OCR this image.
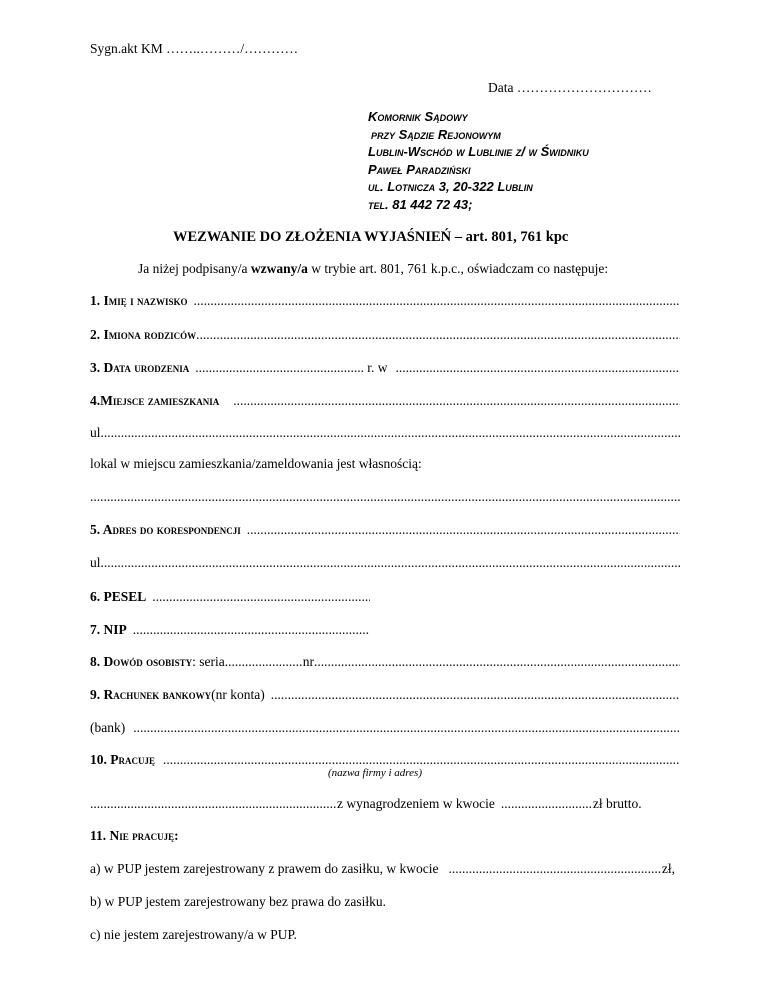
Sygn.akt KM ……..………/…………
Data …………………………
Komornik Sądowy
przy Sądzie Rejonowym
Lublin-Wschód w Lublinie z/ w Świdniku
Paweł Paradziński
ul. Lotnicza 3, 20-322 Lublin
tel. 81 442 72 43;
WEZWANIE DO ZŁOŻENIA WYJAŚNIEŃ – art. 801, 761 kpc
Ja niżej podpisany/a wzwany/a w trybie art. 801, 761 k.p.c., oświadczam co następuje:
1. Imię i nazwisko
.....
2. Imiona rodziców
.....
3. Data urodzenia .....	r. w
.....
4.Miejsce zamieszkania
.....
ul.
.....
lokal w miejscu zamieszkania/zameldowania jest własnością:
.....
5. Adres do korespondencji
.....
ul.
.....
6. PESEL
.....
7. NIP
.....
8. Dowód osobisty : seria .....	nr
.....
9. Rachunek bankowy (nr konta)
.....
(bank)
.....
10. Pracuję
.....
(nazwa firmy i adres)
.....
z wynagrodzeniem w kwocie .....	zł brutto.
11. Nie pracuję:
a) w PUP jestem zarejestrowany z prawem do zasiłku, w kwocie .....	zł,
b) w PUP jestem zarejestrowany bez prawa do zasiłku.
c) nie jestem zarejestrowany/a w PUP.
